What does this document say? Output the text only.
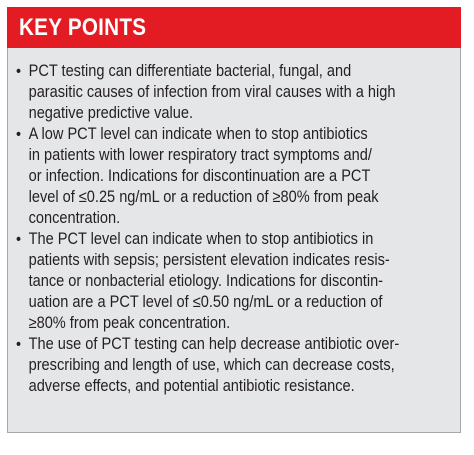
KEY POINTS
• PCT testing can differentiate bacterial, fungal, and
parasitic causes of infection from viral causes with a high
negative predictive value.
• A low PCT level can indicate when to stop antibiotics
in patients with lower respiratory tract symptoms and/
or infection. Indications for discontinuation are a PCT
level of ≤0.25 ng/mL or a reduction of ≥80% from peak
concentration.
• The PCT level can indicate when to stop antibiotics in
patients with sepsis; persistent elevation indicates resis-
tance or nonbacterial etiology. Indications for discontin-
uation are a PCT level of ≤0.50 ng/mL or a reduction of
≥80% from peak concentration.
• The use of PCT testing can help decrease antibiotic over-
prescribing and length of use, which can decrease costs,
adverse effects, and potential antibiotic resistance.
